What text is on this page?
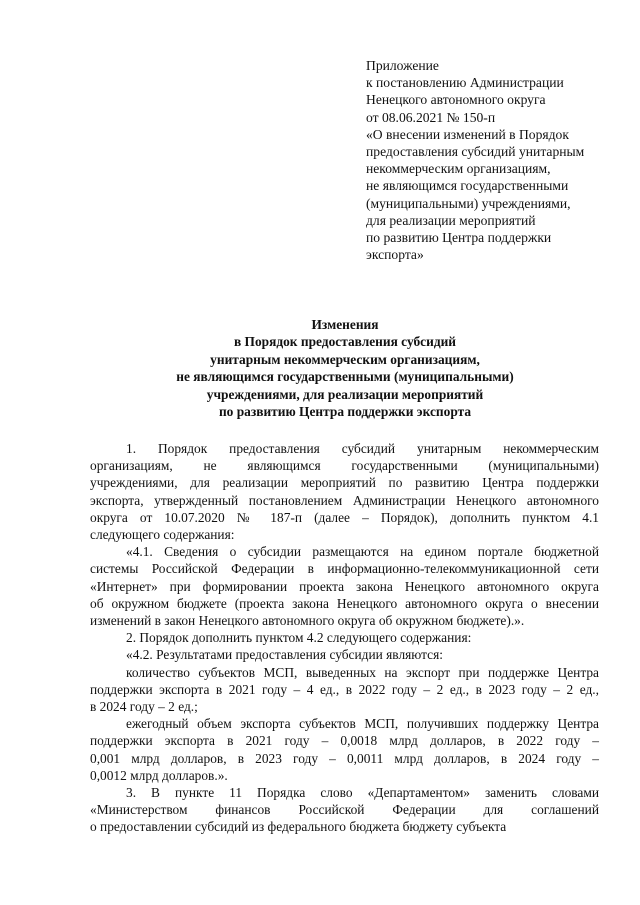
Приложение
к постановлению Администрации
Ненецкого автономного округа
от 08.06.2021 № 150-п
«О внесении изменений в Порядок
предоставления субсидий унитарным
некоммерческим организациям,
не являющимся государственными
(муниципальными) учреждениями,
для реализации мероприятий
по развитию Центра поддержки
экспорта»
Изменения
в Порядок предоставления субсидий
унитарным некоммерческим организациям,
не являющимся государственными (муниципальными)
учреждениями, для реализации мероприятий
по развитию Центра поддержки экспорта

1. Порядок предоставления субсидий унитарным некоммерческим
организациям, не являющимся государственными (муниципальными)
учреждениями, для реализации мероприятий по развитию Центра поддержки
экспорта, утвержденный постановлением Администрации Ненецкого автономного
округа от 10.07.2020 № 187-п (далее – Порядок), дополнить пунктом 4.1
следующего содержания:

«4.1. Сведения о субсидии размещаются на едином портале бюджетной
системы Российской Федерации в информационно-телекоммуникационной сети
«Интернет» при формировании проекта закона Ненецкого автономного округа
об окружном бюджете (проекта закона Ненецкого автономного округа о внесении
изменений в закон Ненецкого автономного округа об окружном бюджете).».

2. Порядок дополнить пунктом 4.2 следующего содержания:

«4.2. Результатами предоставления субсидии являются:

количество субъектов МСП, выведенных на экспорт при поддержке Центра
поддержки экспорта в 2021 году – 4 ед., в 2022 году – 2 ед., в 2023 году – 2 ед.,
в 2024 году – 2 ед.;

ежегодный объем экспорта субъектов МСП, получивших поддержку Центра
поддержки экспорта в 2021 году – 0,0018 млрд долларов, в 2022 году –
0,001 млрд долларов, в 2023 году – 0,0011 млрд долларов, в 2024 году –
0,0012 млрд долларов.».

3. В пункте 11 Порядка слово «Департаментом» заменить словами
«Министерством финансов Российской Федерации для соглашений
о предоставлении субсидий из федерального бюджета бюджету субъекта
